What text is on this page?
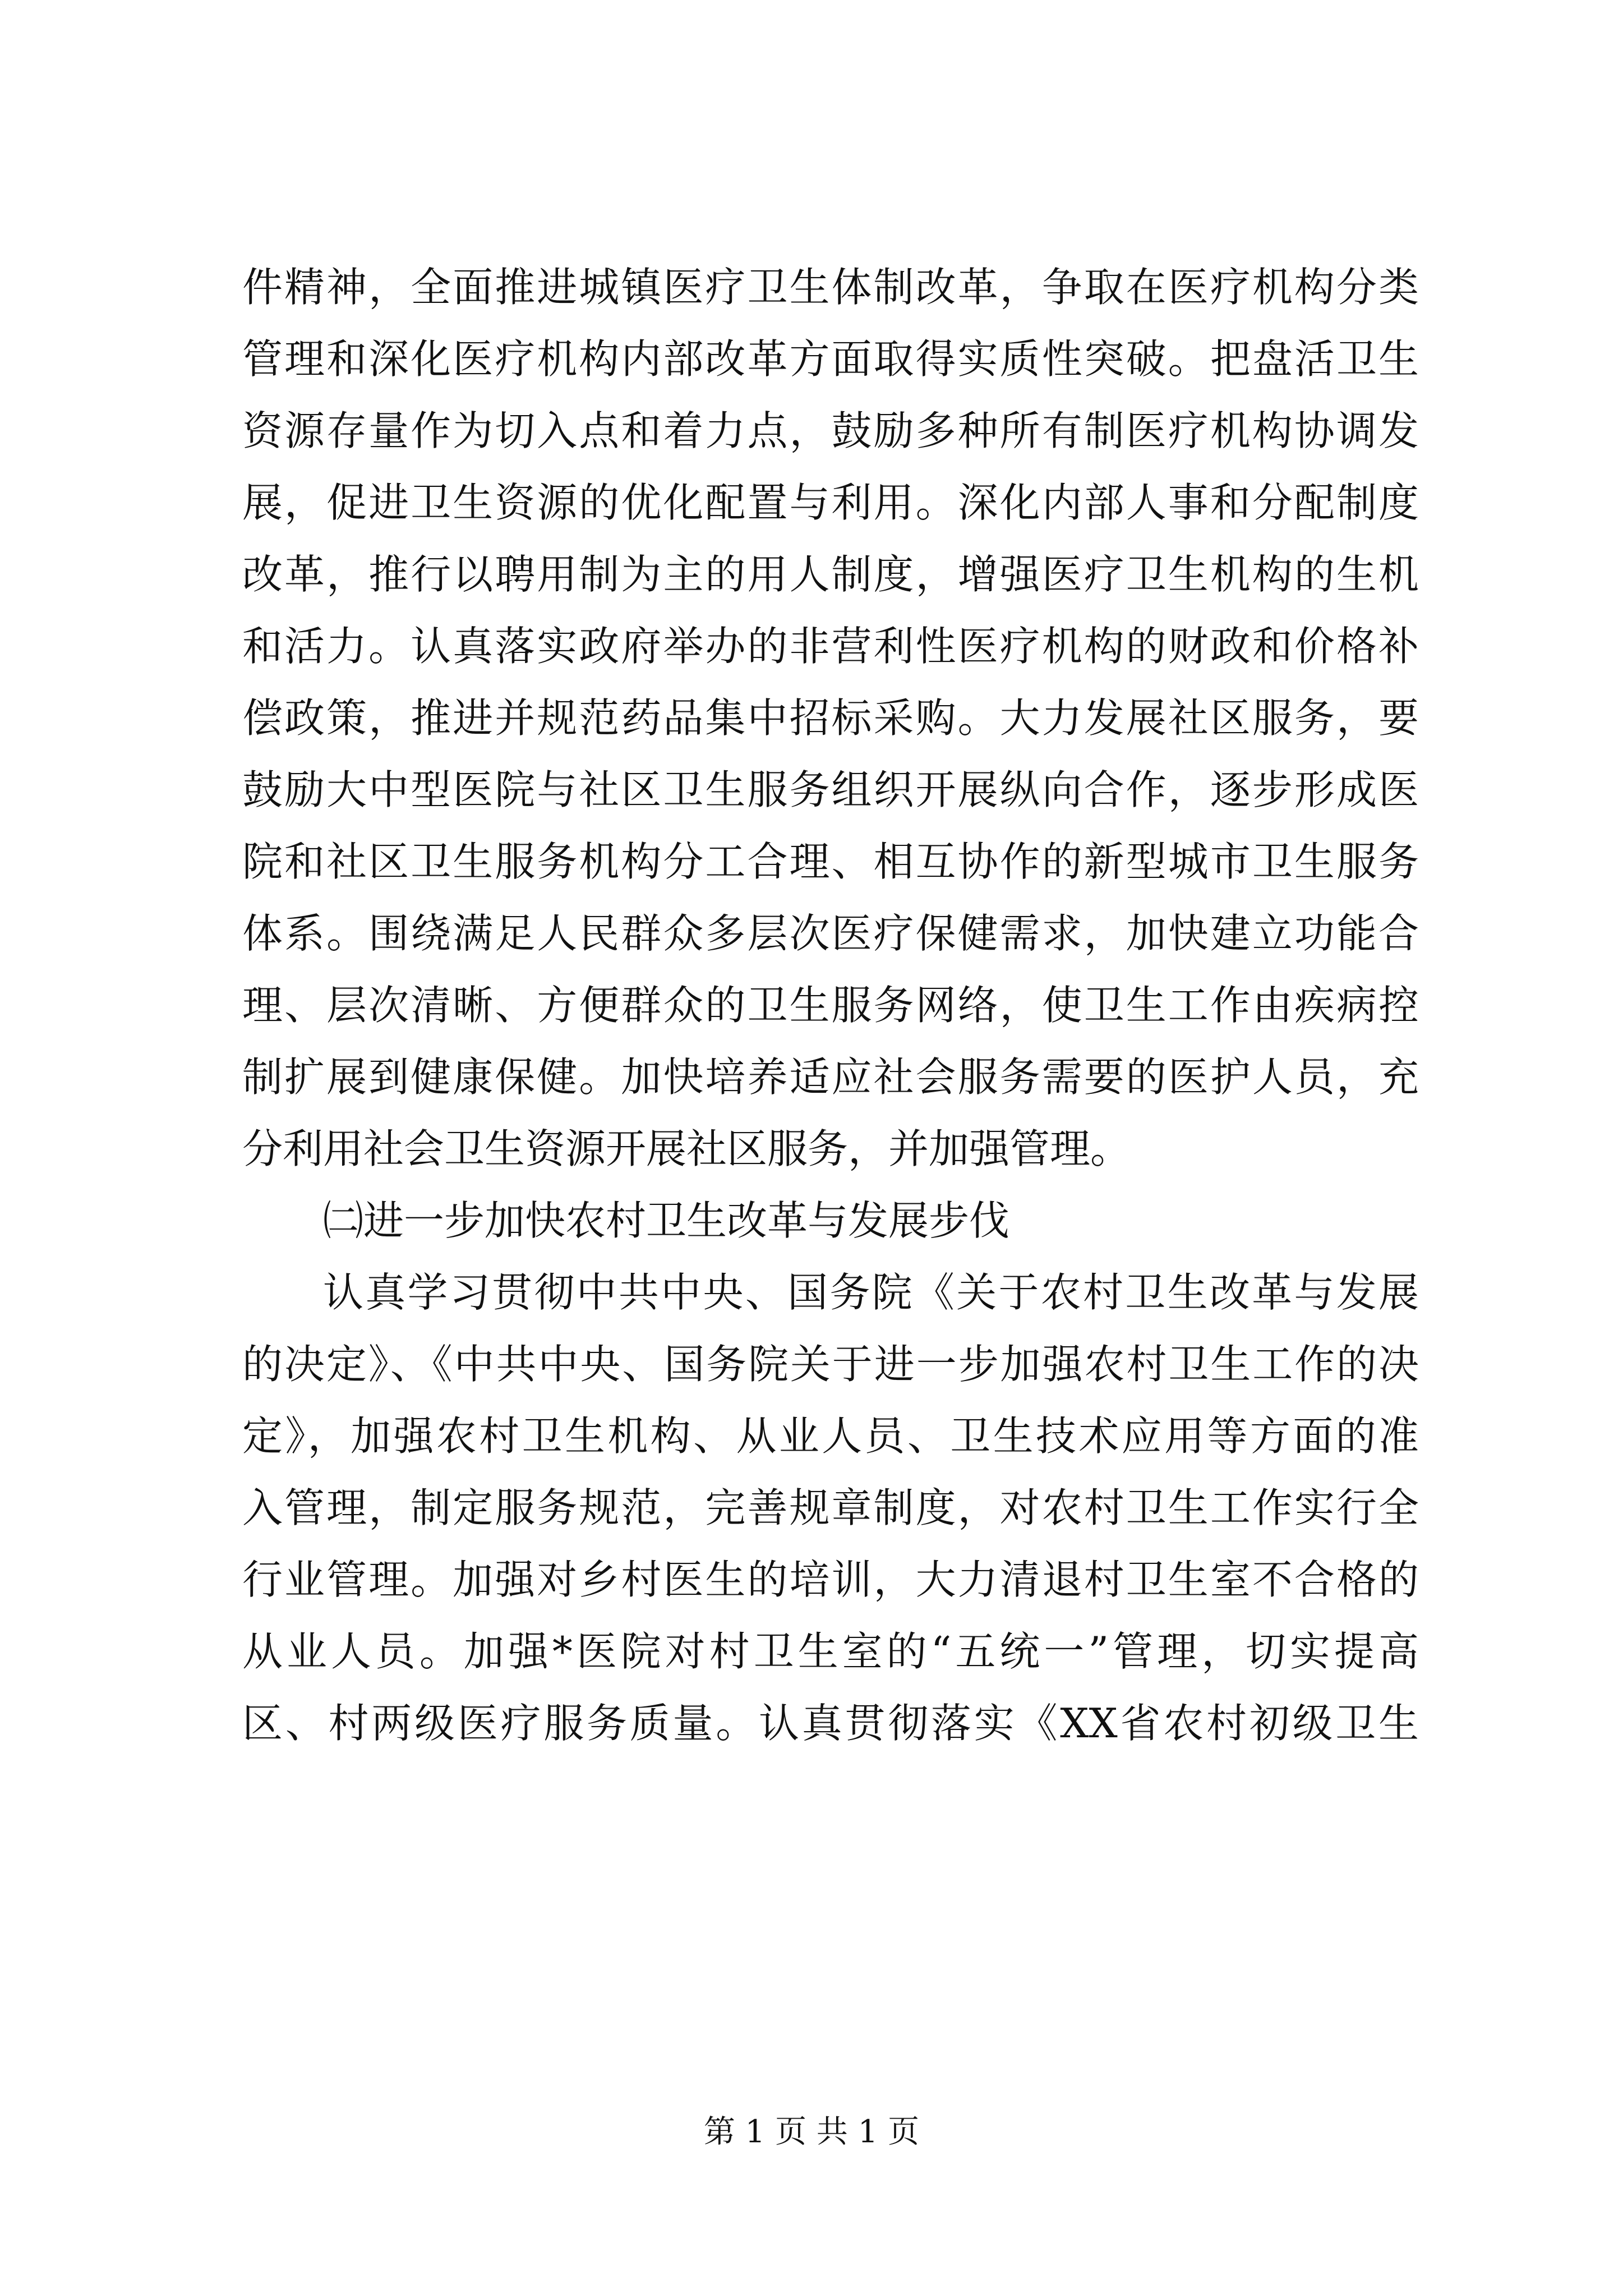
件精神，全面推进城镇医疗卫生体制改革，争取在医疗机构分类
管理和深化医疗机构内部改革方面取得实质性突破。把盘活卫生
资源存量作为切入点和着力点，鼓励多种所有制医疗机构协调发
展，促进卫生资源的优化配置与利用。深化内部人事和分配制度
改革，推行以聘用制为主的用人制度，增强医疗卫生机构的生机
和活力。认真落实政府举办的非营利性医疗机构的财政和价格补
偿政策，推进并规范药品集中招标采购。大力发展社区服务，要
鼓励大中型医院与社区卫生服务组织开展纵向合作，逐步形成医
院和社区卫生服务机构分工合理、相互协作的新型城市卫生服务
体系。围绕满足人民群众多层次医疗保健需求，加快建立功能合
理、层次清晰、方便群众的卫生服务网络，使卫生工作由疾病控
制扩展到健康保健。加快培养适应社会服务需要的医护人员，充
分利用社会卫生资源开展社区服务，并加强管理。
㈡进一步加快农村卫生改革与发展步伐
认真学习贯彻中共中央、国务院《关于农村卫生改革与发展
的决定》、《中共中央、国务院关于进一步加强农村卫生工作的决
定》，加强农村卫生机构、从业人员、卫生技术应用等方面的准
入管理，制定服务规范，完善规章制度，对农村卫生工作实行全
行业管理。加强对乡村医生的培训，大力清退村卫生室不合格的
从业人员。加强*医院对村卫生室的“五统一”管理，切实提高
区、村两级医疗服务质量。认真贯彻落实《XX省农村初级卫生
第 1 页 共 1 页
